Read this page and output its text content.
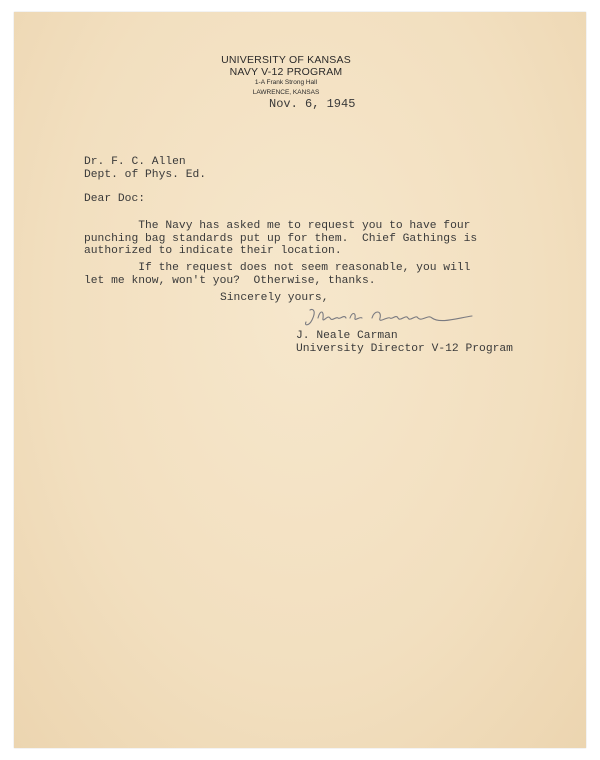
UNIVERSITY OF KANSAS
NAVY V-12 PROGRAM
1-A Frank Strong Hall
LAWRENCE, KANSAS
Nov. 6, 1945
Dr. F. C. Allen
Dept. of Phys. Ed.
Dear Doc:
The Navy has asked me to request you to have four
punching bag standards put up for them.  Chief Gathings is
authorized to indicate their location.
If the request does not seem reasonable, you will
let me know, won't you?  Otherwise, thanks.
Sincerely yours,
J. Neale Carman
University Director V-12 Program
